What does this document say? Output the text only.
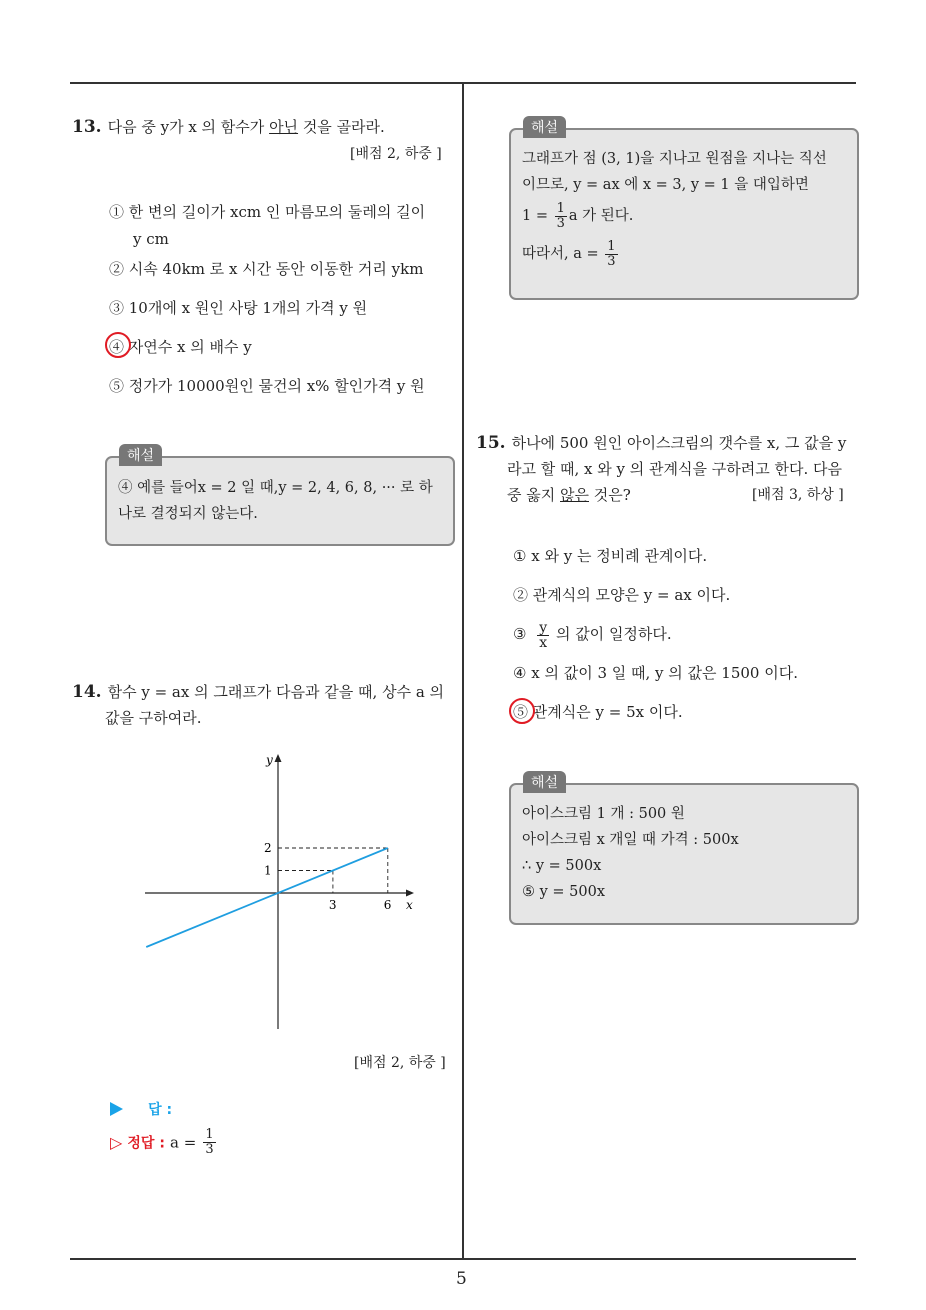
5
13. 다음 중 y가 x 의 함수가 아닌 것을 골라라.
[배점 2, 하중 ]
① 한 변의 길이가 xcm 인 마름모의 둘레의 길이
y cm
② 시속 40km 로 x 시간 동안 이동한 거리 ykm
③ 10개에 x 원인 사탕 1개의 가격 y 원
④ 자연수 x 의 배수 y
⑤ 정가가 10000원인 물건의 x% 할인가격 y 원
해설
④ 예를 들어x = 2 일 때,y = 2, 4, 6, 8, ··· 로 하
나로 결정되지 않는다.
14. 함수 y = ax 의 그래프가 다음과 같을 때, 상수 a 의
값을 구하여라.
x
y
3	6
1
2
[배점 2, 하중 ]
답 :
▷ 정답 : $a = \frac{1}{3}$
해설
그래프가 점 (3, 1)을 지나고 원점을 지나는 직선
이므로, y = ax 에 x = 3, y = 1 을 대입하면
$1 = \frac{1}{3}$ a 가 된다.
따라서, $a = \frac{1}{3}$
15. 하나에 500 원인 아이스크림의 갯수를 x, 그 값을 y
라고 할 때, x 와 y 의 관계식을 구하려고 한다. 다음
중 옳지 않은 것은?	[배점 3, 하상 ]
① x 와 y 는 정비례 관계이다.
② 관계식의 모양은 y = ax 이다.
③ $\frac{y}{x}$ 의 값이 일정하다.
④ x 의 값이 3 일 때, y 의 값은 1500 이다.
⑤ 관계식은 y = 5x 이다.
해설
아이스크림 1 개 : 500 원
아이스크림 x 개일 때 가격 : 500x
∴ y = 500x
⑤ y = 500x
